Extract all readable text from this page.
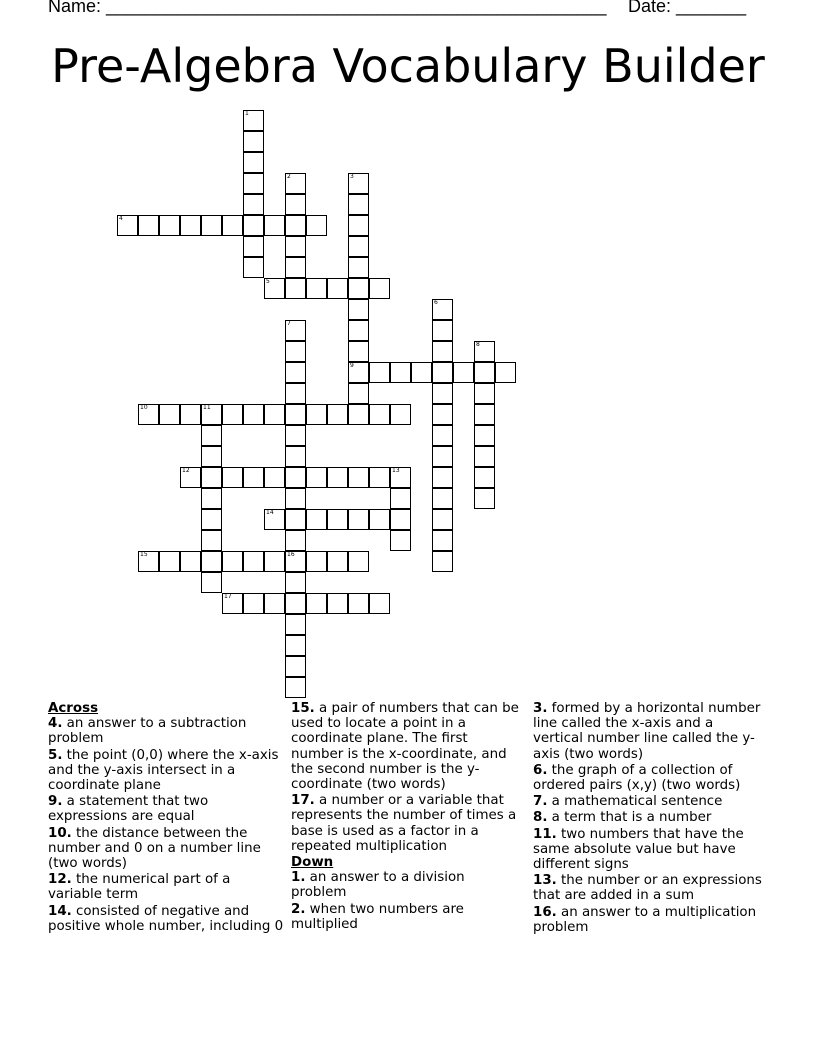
Name: __________________________________________________ Date: _______
Pre-Algebra Vocabulary Builder
1
2	3
9
4
5
6
7
8
10	11
12	13
14
15	16
17
Across
4. an answer to a subtraction problem
5. the point (0,0) where the x-axis and the y-axis intersect in a coordinate plane
9. a statement that two expressions are equal
10. the distance between the number and 0 on a number line (two words)
12. the numerical part of a variable term
14. consisted of negative and positive whole number, including 0
15. a pair of numbers that can be used to locate a point in a coordinate plane. The first number is the x-coordinate, and the second number is the y-coordinate (two words)
17. a number or a variable that represents the number of times a base is used as a factor in a repeated multiplication
Down
1. an answer to a division problem
2. when two numbers are multiplied
3. formed by a horizontal number line called the x-axis and a vertical number line called the y-axis (two words)
6. the graph of a collection of ordered pairs (x,y) (two words)
7. a mathematical sentence
8. a term that is a number
11. two numbers that have the same absolute value but have different signs
13. the number or an expressions that are added in a sum
16. an answer to a multiplication problem
